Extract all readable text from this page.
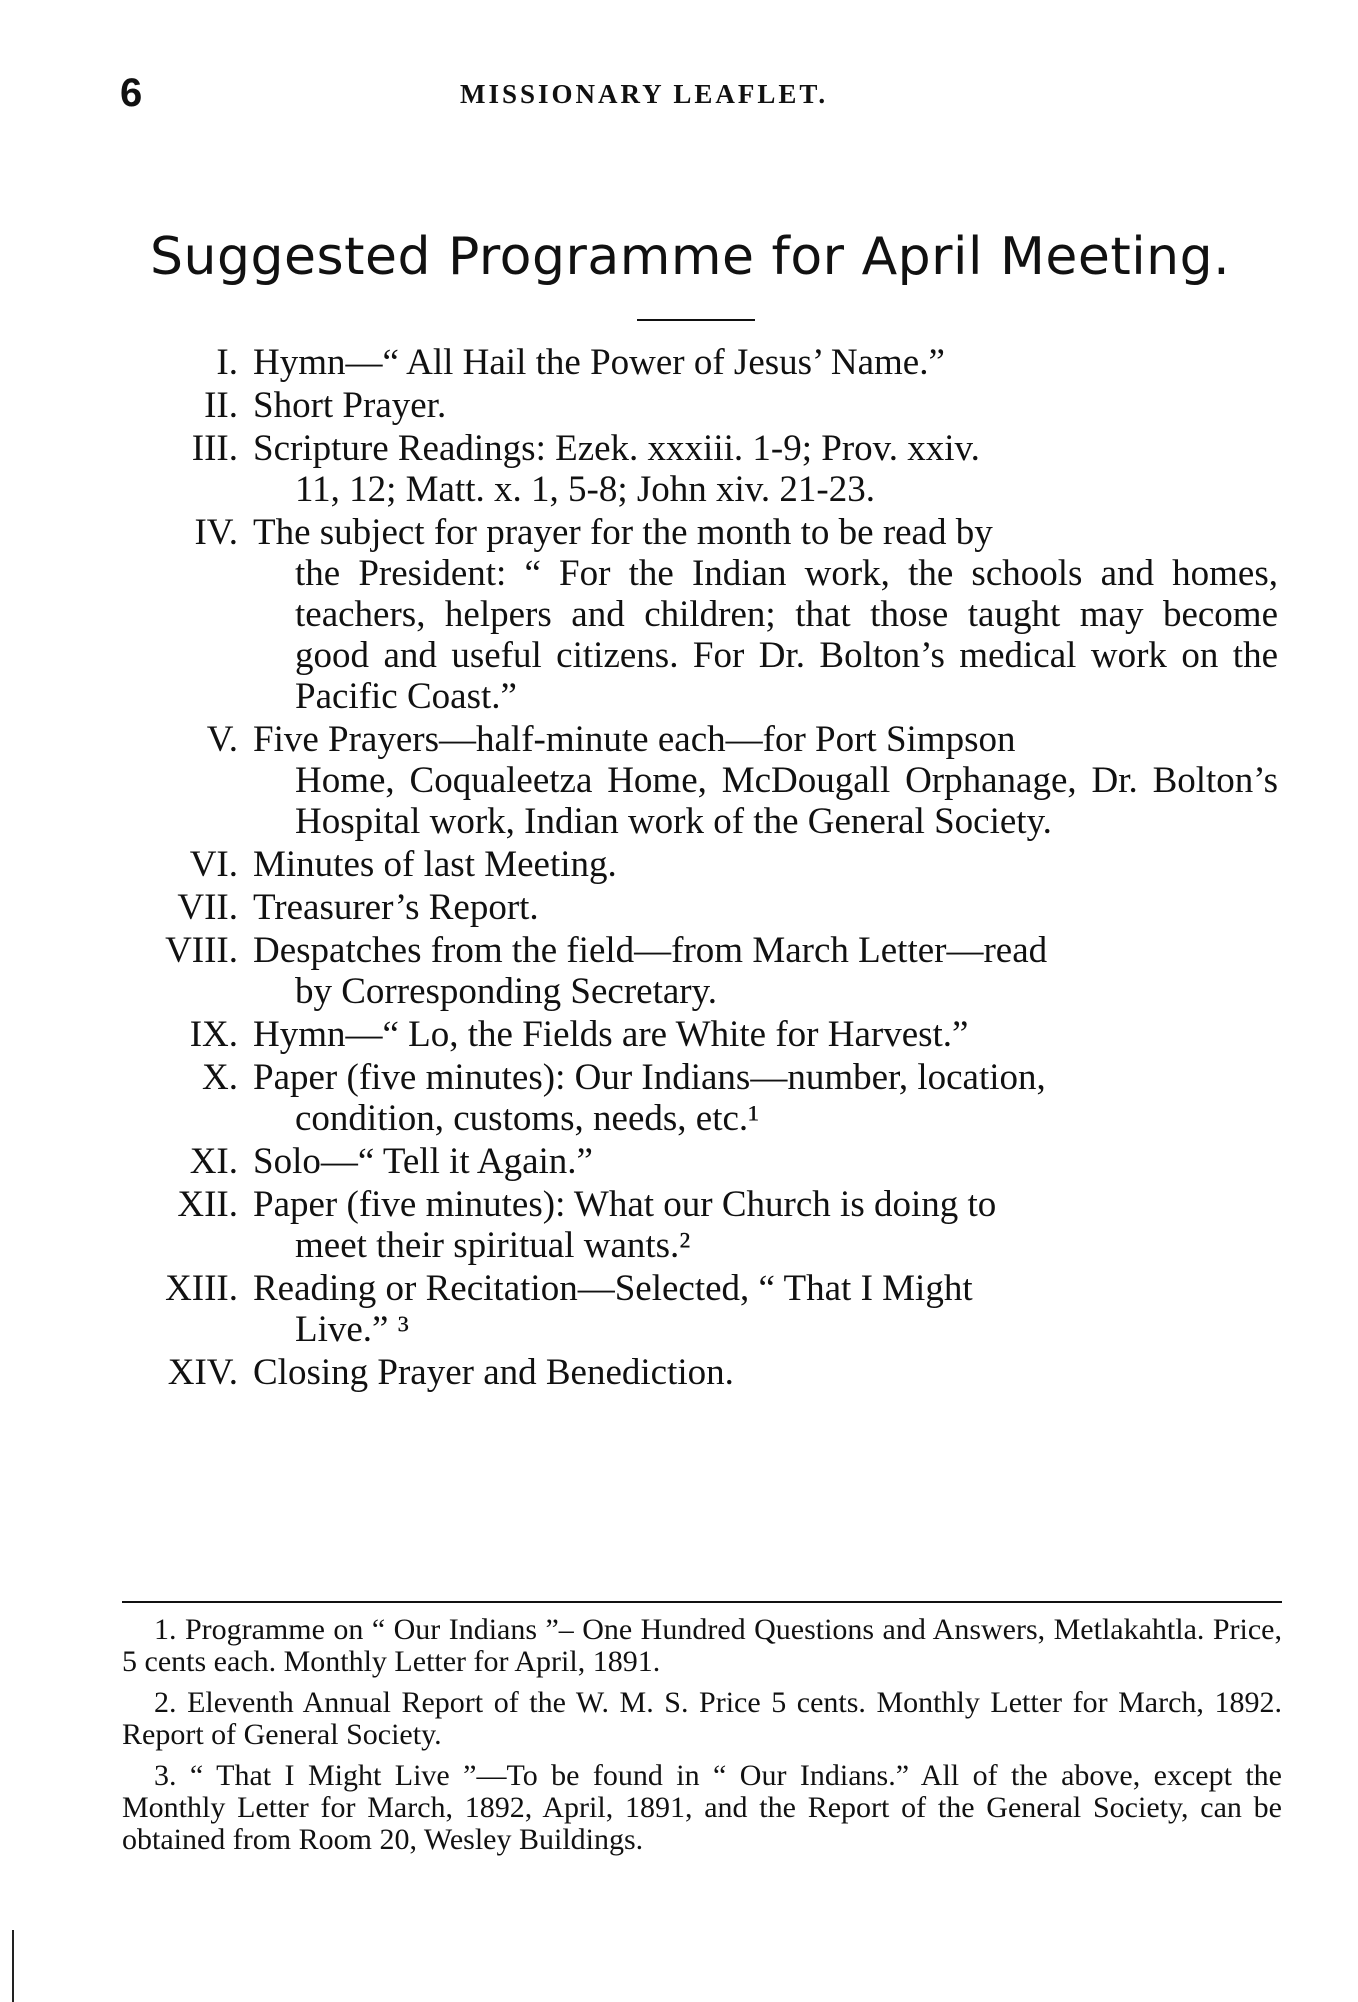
6	MISSIONARY LEAFLET.
Suggested Programme for April Meeting.
I. Hymn—“ All Hail the Power of Jesus’ Name.”
II. Short Prayer.
III. Scripture Readings: Ezek. xxxiii. 1-9; Prov. xxiv.
11, 12; Matt. x. 1, 5-8; John xiv. 21-23.
IV. The subject for prayer for the month to be read by
the President: “ For the Indian work, the schools and homes, teachers, helpers and children; that those taught may become good and useful citizens. For Dr. Bolton’s medical work on the Pacific Coast.”
V. Five Prayers—half-minute each—for Port Simpson
Home, Coqualeetza Home, McDougall Orphanage, Dr. Bolton’s Hospital work, Indian work of the General Society.
VI. Minutes of last Meeting.
VII. Treasurer’s Report.
VIII. Despatches from the field—from March Letter—read
by Corresponding Secretary.
IX. Hymn—“ Lo, the Fields are White for Harvest.”
X. Paper (five minutes): Our Indians—number, location,
condition, customs, needs, etc.¹
XI. Solo—“ Tell it Again.”
XII. Paper (five minutes): What our Church is doing to
meet their spiritual wants.²
XIII. Reading or Recitation—Selected, “ That I Might
Live.” ³
XIV. Closing Prayer and Benediction.

1. Programme on “ Our Indians ”– One Hundred Questions and Answers, Metlakahtla. Price, 5 cents each. Monthly Letter for April, 1891.

2. Eleventh Annual Report of the W. M. S. Price 5 cents. Monthly Letter for March, 1892. Report of General Society.

3. “ That I Might Live ”—To be found in “ Our Indians.” All of the above, except the Monthly Letter for March, 1892, April, 1891, and the Report of the General Society, can be obtained from Room 20, Wesley Buildings.
